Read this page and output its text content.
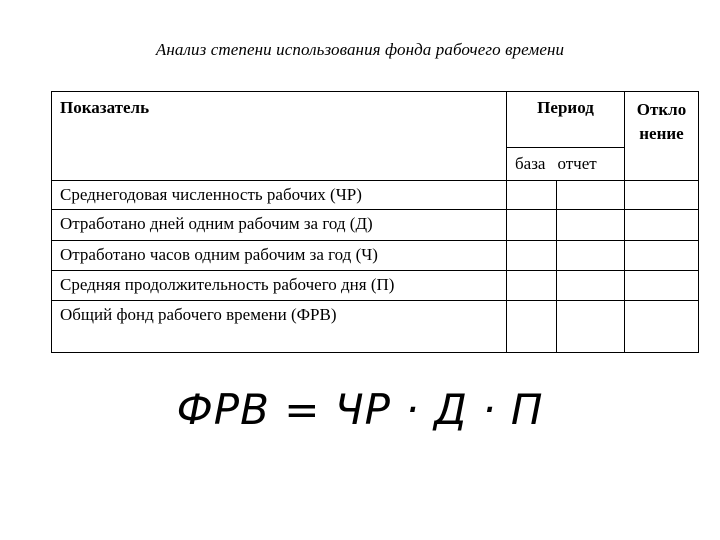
Анализ степени использования фонда рабочего времени
Показатель	Период		Откло
нение
	база отчет		
Среднегодовая численность рабочих (ЧР)			
Отработано дней одним рабочим за год (Д)			
Отработано часов одним рабочим за год (Ч)			
Средняя продолжительность рабочего дня (П)			
Общий фонд рабочего времени (ФРВ)			
ФРВ = ЧР · Д · П
